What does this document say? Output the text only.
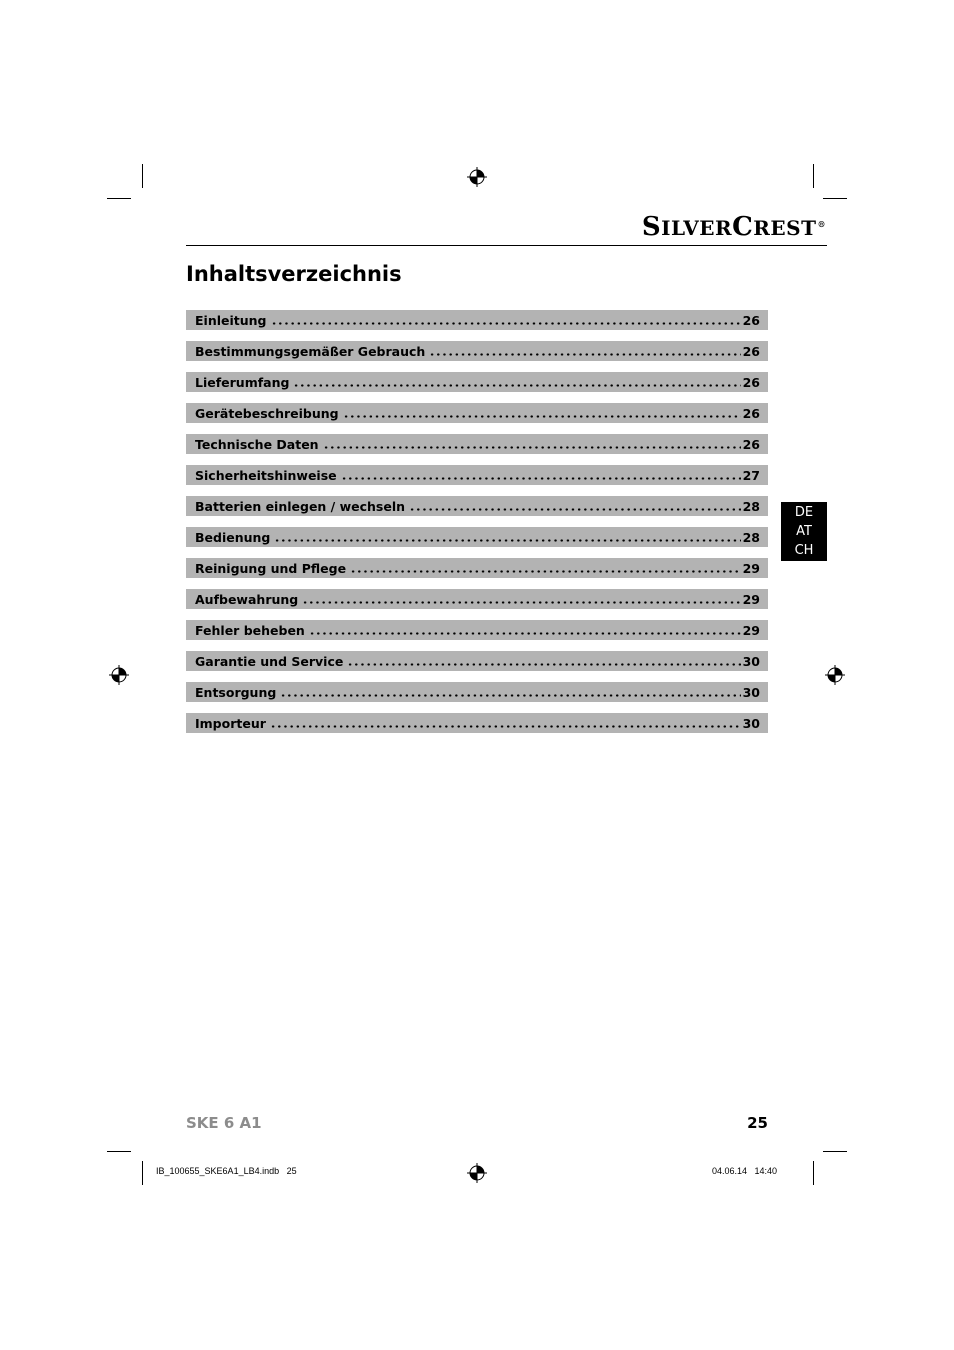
SILVERCREST®
Inhaltsverzeichnis
Einleitung	26
Bestimmungsgemäßer Gebrauch	26
Lieferumfang	26
Gerätebeschreibung	26
Technische Daten	26
Sicherheitshinweise	27
Batterien einlegen / wechseln	28
Bedienung	28
Reinigung und Pflege	29
Aufbewahrung	29
Fehler beheben	29
Garantie und Service	30
Entsorgung	30
Importeur	30
DE
AT
CH
SKE 6 A1	25
IB_100655_SKE6A1_LB4.indb   25	04.06.14   14:40
